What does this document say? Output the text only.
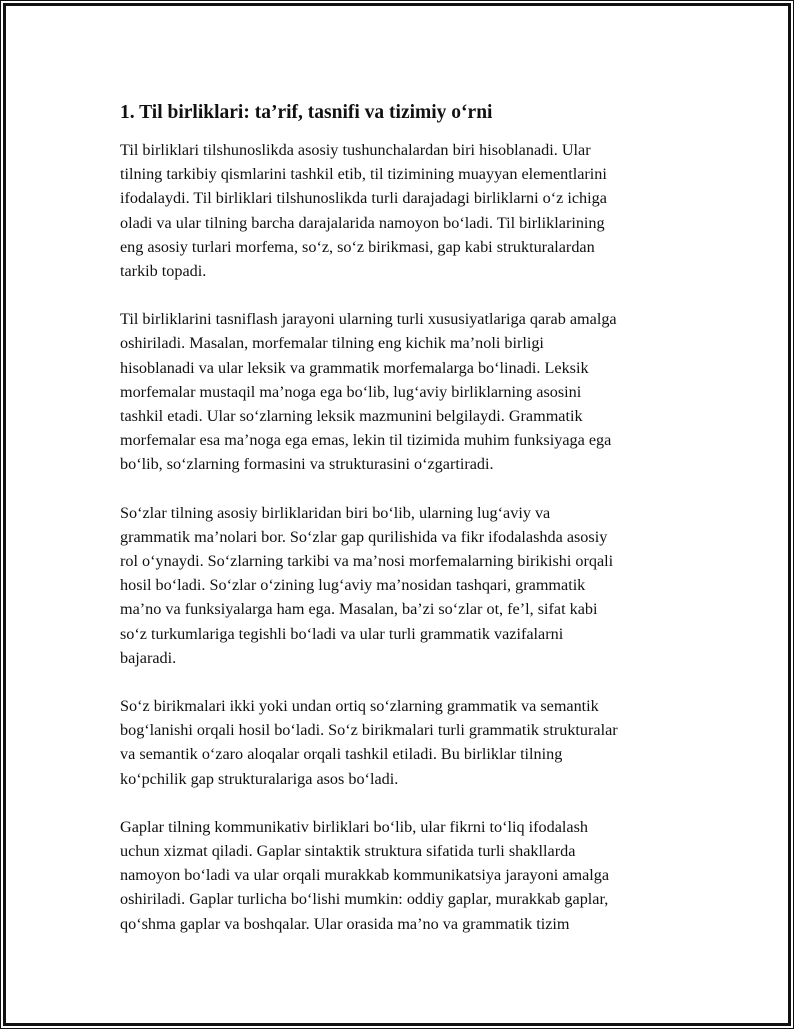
1. Til birliklari: ta’rif, tasnifi va tizimiy o‘rni

Til birliklari tilshunoslikda asosiy tushunchalardan biri hisoblanadi. Ular
tilning tarkibiy qismlarini tashkil etib, til tizimining muayyan elementlarini
ifodalaydi. Til birliklari tilshunoslikda turli darajadagi birliklarni o‘z ichiga
oladi va ular tilning barcha darajalarida namoyon bo‘ladi. Til birliklarining
eng asosiy turlari morfema, so‘z, so‘z birikmasi, gap kabi strukturalardan
tarkib topadi.

Til birliklarini tasniflash jarayoni ularning turli xususiyatlariga qarab amalga
oshiriladi. Masalan, morfemalar tilning eng kichik ma’noli birligi
hisoblanadi va ular leksik va grammatik morfemalarga bo‘linadi. Leksik
morfemalar mustaqil ma’noga ega bo‘lib, lug‘aviy birliklarning asosini
tashkil etadi. Ular so‘zlarning leksik mazmunini belgilaydi. Grammatik
morfemalar esa ma’noga ega emas, lekin til tizimida muhim funksiyaga ega
bo‘lib, so‘zlarning formasini va strukturasini o‘zgartiradi.

So‘zlar tilning asosiy birliklaridan biri bo‘lib, ularning lug‘aviy va
grammatik ma’nolari bor. So‘zlar gap qurilishida va fikr ifodalashda asosiy
rol o‘ynaydi. So‘zlarning tarkibi va ma’nosi morfemalarning birikishi orqali
hosil bo‘ladi. So‘zlar o‘zining lug‘aviy ma’nosidan tashqari, grammatik
ma’no va funksiyalarga ham ega. Masalan, ba’zi so‘zlar ot, fe’l, sifat kabi
so‘z turkumlariga tegishli bo‘ladi va ular turli grammatik vazifalarni
bajaradi.

So‘z birikmalari ikki yoki undan ortiq so‘zlarning grammatik va semantik
bog‘lanishi orqali hosil bo‘ladi. So‘z birikmalari turli grammatik strukturalar
va semantik o‘zaro aloqalar orqali tashkil etiladi. Bu birliklar tilning
ko‘pchilik gap strukturalariga asos bo‘ladi.

Gaplar tilning kommunikativ birliklari bo‘lib, ular fikrni to‘liq ifodalash
uchun xizmat qiladi. Gaplar sintaktik struktura sifatida turli shakllarda
namoyon bo‘ladi va ular orqali murakkab kommunikatsiya jarayoni amalga
oshiriladi. Gaplar turlicha bo‘lishi mumkin: oddiy gaplar, murakkab gaplar,
qo‘shma gaplar va boshqalar. Ular orasida ma’no va grammatik tizim
